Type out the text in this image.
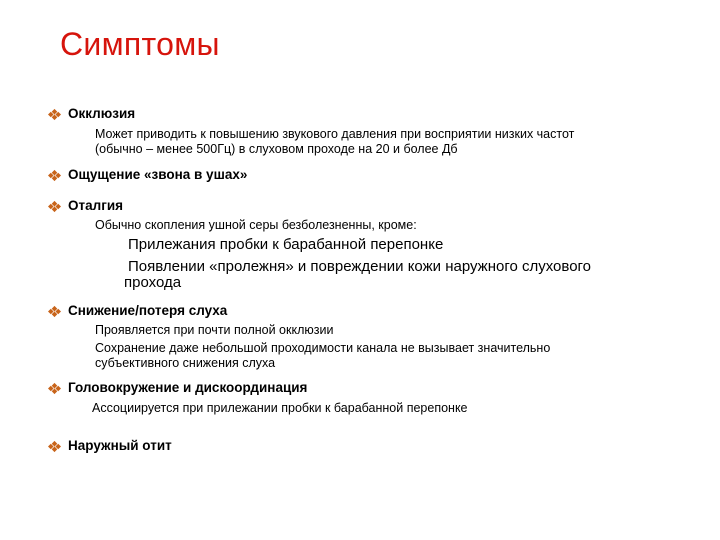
Симптомы
Окклюзия
Может приводить к повышению звукового давления при восприятии низких частот
(обычно – менее 500Гц) в слуховом проходе на 20 и более Дб
Ощущение «звона в ушах»
Оталгия
Обычно скопления ушной серы безболезненны, кроме:
Прилежания пробки к барабанной перепонке
Появлении «пролежня» и повреждении кожи наружного слухового
прохода
Снижение/потеря слуха
Проявляется при почти полной окклюзии
Сохранение даже небольшой проходимости канала не вызывает значительно
субъективного снижения слуха
Головокружение и дискоординация
Ассоциируется при прилежании пробки к барабанной перепонке
Наружный отит
